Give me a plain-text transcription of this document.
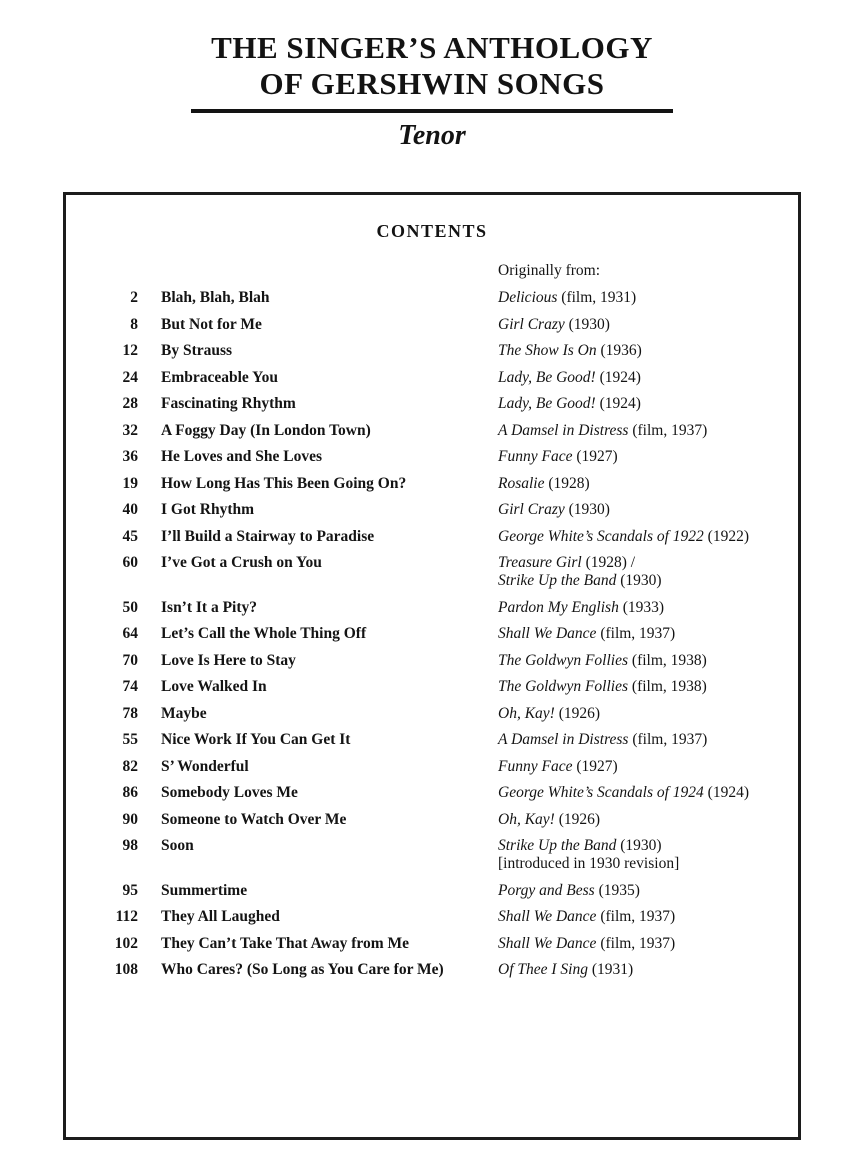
THE SINGER’S ANTHOLOGY
OF GERSHWIN SONGS
Tenor
CONTENTS
Originally from:
2 Blah, Blah, Blah	Delicious (film, 1931)
8 But Not for Me	Girl Crazy (1930)
12 By Strauss	The Show Is On (1936)
24 Embraceable You	Lady, Be Good! (1924)
28 Fascinating Rhythm	Lady, Be Good! (1924)
32 A Foggy Day (In London Town)	A Damsel in Distress (film, 1937)
36 He Loves and She Loves	Funny Face (1927)
19 How Long Has This Been Going On?	Rosalie (1928)
40 I Got Rhythm	Girl Crazy (1930)
45 I’ll Build a Stairway to Paradise	George White’s Scandals of 1922 (1922)
60 I’ve Got a Crush on You	Treasure Girl (1928) /
Strike Up the Band (1930)
50 Isn’t It a Pity?	Pardon My English (1933)
64 Let’s Call the Whole Thing Off	Shall We Dance (film, 1937)
70 Love Is Here to Stay	The Goldwyn Follies (film, 1938)
74 Love Walked In	The Goldwyn Follies (film, 1938)
78 Maybe	Oh, Kay! (1926)
55 Nice Work If You Can Get It	A Damsel in Distress (film, 1937)
82 S’ Wonderful	Funny Face (1927)
86 Somebody Loves Me	George White’s Scandals of 1924 (1924)
90 Someone to Watch Over Me	Oh, Kay! (1926)
98 Soon	Strike Up the Band (1930)
[introduced in 1930 revision]
95 Summertime	Porgy and Bess (1935)
112 They All Laughed	Shall We Dance (film, 1937)
102 They Can’t Take That Away from Me	Shall We Dance (film, 1937)
108 Who Cares? (So Long as You Care for Me)	Of Thee I Sing (1931)
